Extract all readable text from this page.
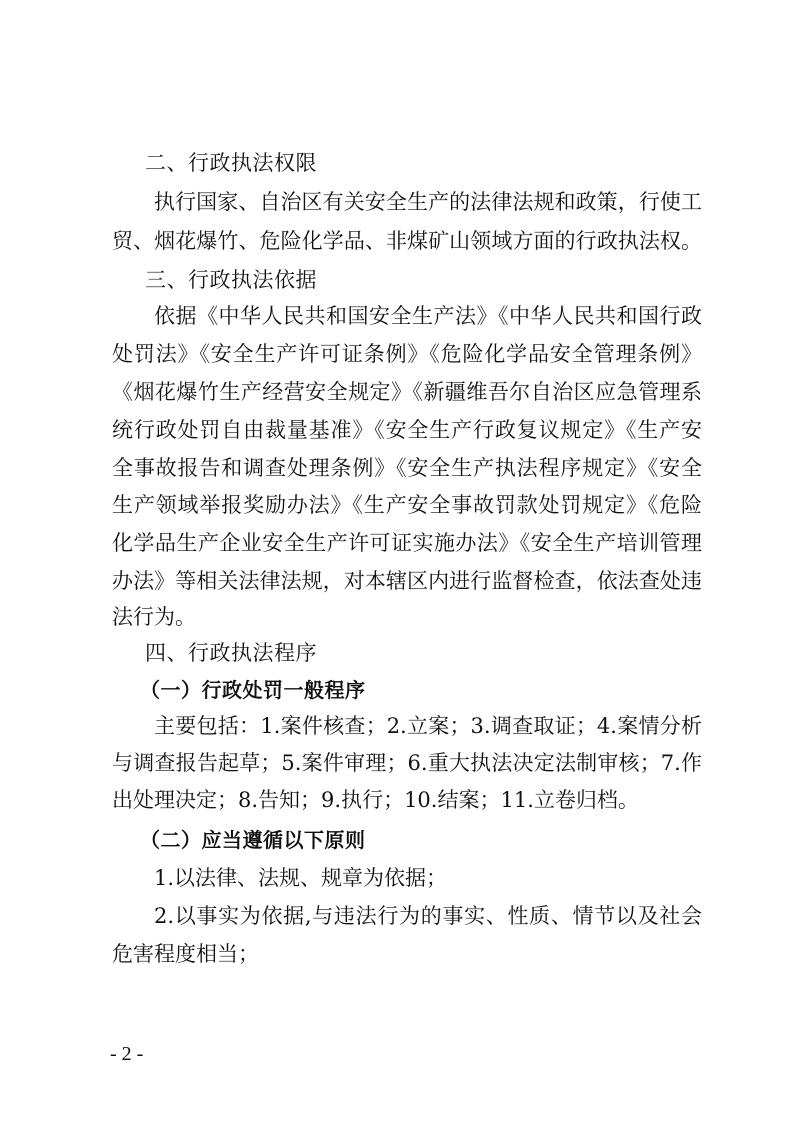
二、行政执法权限
执行国家、自治区有关安全生产的法律法规和政策，行使工
贸、烟花爆竹、危险化学品、非煤矿山领域方面的行政执法权。
三、行政执法依据
依据《中华人民共和国安全生产法》《中华人民共和国行政
处罚法》《安全生产许可证条例》《危险化学品安全管理条例》
《烟花爆竹生产经营安全规定》《新疆维吾尔自治区应急管理系
统行政处罚自由裁量基准》《安全生产行政复议规定》《生产安
全事故报告和调查处理条例》《安全生产执法程序规定》《安全
生产领域举报奖励办法》《生产安全事故罚款处罚规定》《危险
化学品生产企业安全生产许可证实施办法》《安全生产培训管理
办法》等相关法律法规，对本辖区内进行监督检查，依法查处违
法行为。
四、行政执法程序
（一）行政处罚一般程序
主要包括：1.案件核查；2.立案；3.调查取证；4.案情分析
与调查报告起草；5.案件审理；6.重大执法决定法制审核；7.作
出处理决定；8.告知；9.执行；10.结案；11.立卷归档。
（二）应当遵循以下原则
1.以法律、法规、规章为依据；
2.以事实为依据,与违法行为的事实、性质、情节以及社会
危害程度相当；
- 2 -
